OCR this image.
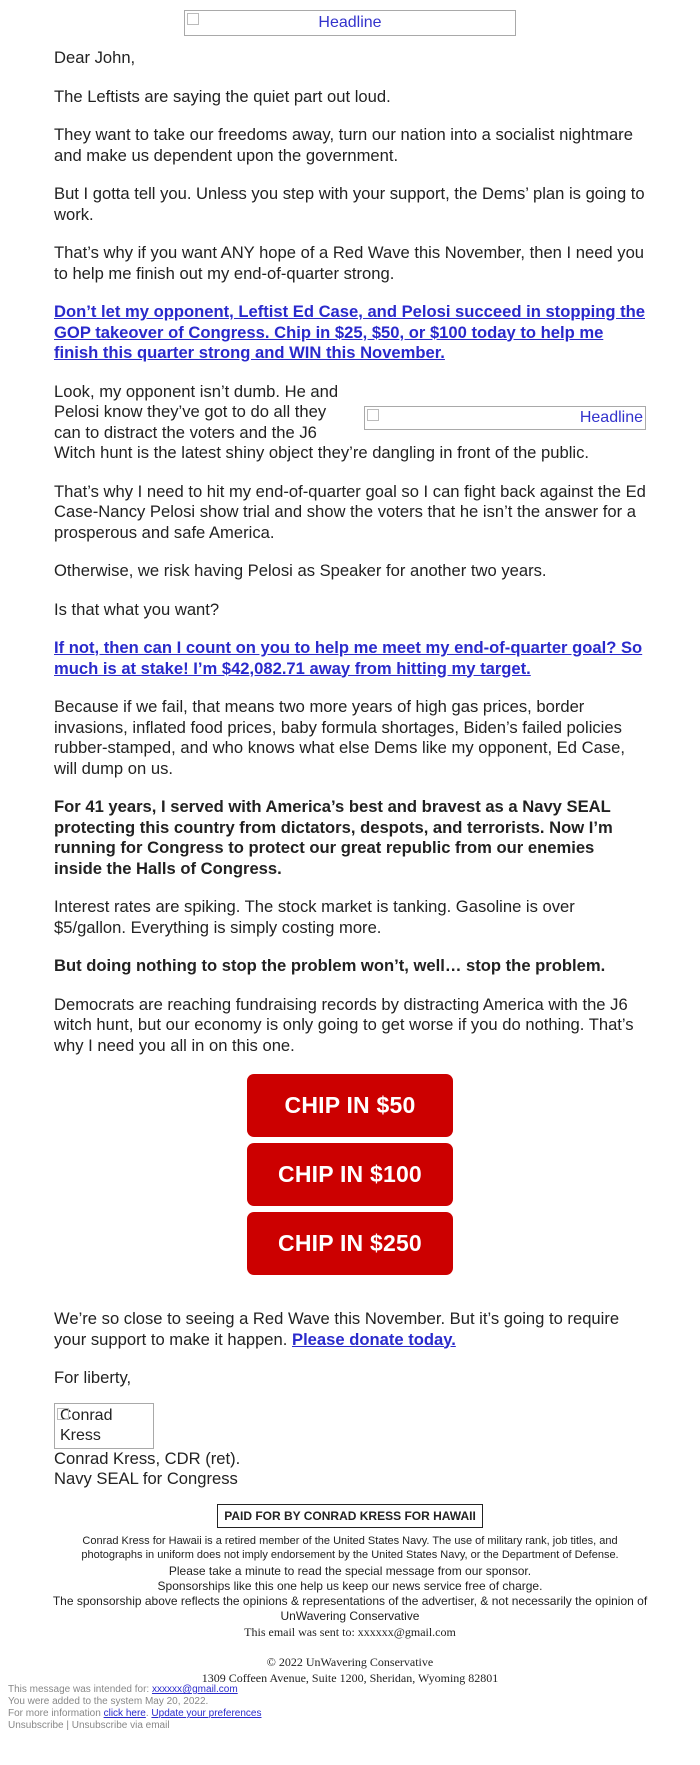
Headline

Dear John,

The Leftists are saying the quiet part out loud.

They want to take our freedoms away, turn our nation into a socialist nightmare and make us dependent upon the government.

But I gotta tell you. Unless you step with your support, the Dems’ plan is going to work.

That’s why if you want ANY hope of a Red Wave this November, then I need you to help me finish out my end-of-quarter strong.

Don’t let my opponent, Leftist Ed Case, and Pelosi succeed in stopping the GOP takeover of Congress. Chip in $25, $50, or $100 today to help me finish this quarter strong and WIN this November.

Headline

Look, my opponent isn’t dumb. He and Pelosi know they’ve got to do all they can to distract the voters and the J6 Witch hunt is the latest shiny object they’re dangling in front of the public.

That’s why I need to hit my end-of-quarter goal so I can fight back against the Ed Case-Nancy Pelosi show trial and show the voters that he isn’t the answer for a prosperous and safe America.

Otherwise, we risk having Pelosi as Speaker for another two years.

Is that what you want?

If not, then can I count on you to help me meet my end-of-quarter goal? So much is at stake! I’m $42,082.71 away from hitting my target.

Because if we fail, that means two more years of high gas prices, border invasions, inflated food prices, baby formula shortages, Biden’s failed policies rubber-stamped, and who knows what else Dems like my opponent, Ed Case, will dump on us.

For 41 years, I served with America’s best and bravest as a Navy SEAL protecting this country from dictators, despots, and terrorists. Now I’m running for Congress to protect our great republic from our enemies inside the Halls of Congress.

Interest rates are spiking. The stock market is tanking. Gasoline is over $5/gallon. Everything is simply costing more.

But doing nothing to stop the problem won’t, well… stop the problem.

Democrats are reaching fundraising records by distracting America with the J6 witch hunt, but our economy is only going to get worse if you do nothing. That’s why I need you all in on this one.

CHIP IN $50
CHIP IN $100
CHIP IN $250

We’re so close to seeing a Red Wave this November. But it’s going to require your support to make it happen. Please donate today.

For liberty,

Conrad Kress
Conrad Kress, CDR (ret).
Navy SEAL for Congress
PAID FOR BY CONRAD KRESS FOR HAWAII
Conrad Kress for Hawaii is a retired member of the United States Navy. The use of military rank, job titles, and photographs in uniform does not imply endorsement by the United States Navy, or the Department of Defense.
Please take a minute to read the special message from our sponsor.
Sponsorships like this one help us keep our news service free of charge.
The sponsorship above reflects the opinions & representations of the advertiser, & not necessarily the opinion of UnWavering Conservative
This email was sent to: xxxxxx@gmail.com
© 2022 UnWavering Conservative
1309 Coffeen Avenue, Suite 1200, Sheridan, Wyoming 82801
This message was intended for: xxxxxx@gmail.com
You were added to the system May 20, 2022.
For more information click here. Update your preferences
Unsubscribe | Unsubscribe via email
